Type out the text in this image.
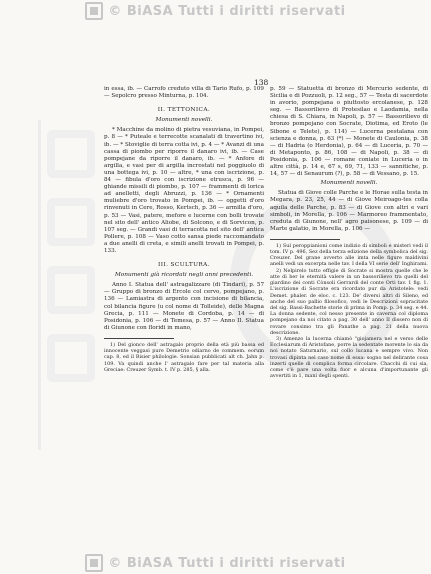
© BiASA Tutti i diritti riservati
138

in essa, ib. — Carrofo creduto villa di Tario Rufo, p. 109 — Sepolcro presso Minturna, p. 104.

II. TETTONICA.
Monumenti novelli.

* Macchine da molino di pietra vesuviana, in Pompei, p. 8 — * Puteale e terrecotte scanalati di travertino ivi, ib. — * Stoviglie di terra cotta ivi, p. 4 — * Avanzi di una cassa di piombo per riporre il danaro ivi, ib. — Case pompejane da riporre il danaro, ib. — * Anfore di argilla, e vasi per di argilla incrostati nel poggiuolo di una bottega ivi, p. 10 — altre, * una con iscrizione, p. 84 — fibula d'oro con iscrizione etrusca, p. 96 — ghiande missili di piombo, p. 107 — frammenti di lorica ad anelletti, degli Abruzzi, p. 136 — * Ornamenti muliebre d'oro trovato in Pompei, ib. — oggetti d'oro rinvenuti in Cere, Rosso, Kertsch, p. 36 — armilla d'oro, p. 53 — Vasi, patere, mefore e lucerne con bolli trovate nel sito dell' antico Aliobe, di Solcono, e di Sorvicon, p. 107 seg. — Grandi vasi di terracotta nel sito dell' antica Pollere, p. 108 — Vaso cotto sansa piede raccomandato a due anelli di creta, e simili anelli trovati in Pompei, p. 133.

III. SCULTURA.
Monumenti già ricordati negli anni precedenti.

Anno I. Statua dell' astragalizzare (di Tindari), p. 57 — Gruppo di bronzo di Ercole col cervo, pompejano, p. 136 — Lamiastra di argento con incisione di bilancia, col bilancia figure (u col nome di Tolleide), delle Magna Grecia, p. 111 — Monete di Cordoba, p. 14 — di Posidonia, p. 106 — di Temesa, p. 57 — Anno II. Statua di Giunone con floridi in mano,

1) Del gionco dell' astragalo proprio della età più bassa ed innocente veggasi pure Demetrio odiarno de commem. eorum cap. 8, ed il Bisier philologie. Sonsian pubblicati alt ch. Jahn p. 109. Va quindi anche l' astragalo fare per tal materia alla Greciae: Creuzer Symb. t. IV p. 285, § alla.

p. 59 — Statuetta di bronzo di Mercurio sedente, di Sicilia e di Pozzuoli, p. 12 seg., 57 — Testa di sacerdote in avorio, pompejana o piuttosto ercolanese, p. 128 seg. — Bassorilievo di Protesilao e Laodamia, nella chiesa di S. Chiara, in Napoli, p. 57 — Bassorilievo di bronzo pompejano con Socrate, Diotima, ed Eroto (le Sibone e Telete), p. 114) — Lucerna pestalana con scienza e donna, p. 63 (*) — Monete di Caulonia, p. 38 — di Hadria (o Herdonia), p. 64 — di Luceria, p. 70 — di Metaponto, p. 86, 108 — di Napoli, p. 38 — di Posidonia, p. 106 — romane coniate in Luceria o in altre città, p. 14 e, 67 s, 69, 71, 133 — sannitiche, p. 14, 57 — di Senaurum (?), p. 58 — di Vessano, p. 15.

Monumenti novelli.

Statua di Giove colle Parche e le Horae sulla testa in Megara, p. 23, 25, 44 — di Giove Meiroago-tes colla aquila delle Parche, p. 83 — di Giove con altri e vari simboli, in Morella, p. 106 — Marmoreo frammentato, creduta di Giunone, nell' agro paisonese, p. 109 — di Marte galatio, in Morella, p. 106 —

1) Sul peroppianioni come indizio di simboli e misteri vedi il tom. IV p. 496, Sez della terza edizione della symbolica del sig. Creuzer. Del grane avverto alle imta nelle figure maldivini anelli vedi un excerpta nelle tav. I della VI serie dell' Inghirami.

2) Nelpirelo tutto effigie di Socrate si mostra quelle che le atte di ber le eternità valere in un bassorilievo tra quelli del giardino dei conti Cònsoli Gerrardi del conte Orti tav. 1 fig. 1. L'iscrizione di Socrate era ricordato pur da Aristotele: vedi Demet. phaler. de eloc. c. 123. De' diversi altri di Sileno, ed anche del suo pallio filosofico, vedi le Descrizioni sopracitate del sig. Bassi-Bachette storie di prima in Pomp. p. 34 seg. e 44. La donna sedente, col nesso presente in caverna col diploma pompejano da noi citato a pag. 30 dell' anno II dissero non di rovare consimo tra gli Panathe a pag. 21 della nuova descrizione.

3) Amenzo la lucerna chiamò "giojamera nel e verso delle Ecclesiarum di Aristofane, porre la sedentate morente lo sia da noi notato Saturnario, sul collo lucana e sempre vivo. Non trovasi dipinta nel caso nome di essa: sogno nel delirante cosa inzerti quelle di complica forma circolare. Chacchi di cui sia, come c'è pare una volta fuor e alcuna d'importunante gli avvertiti in 1, mani degli spenti.

© BiASA Tutti i diritti riservati
